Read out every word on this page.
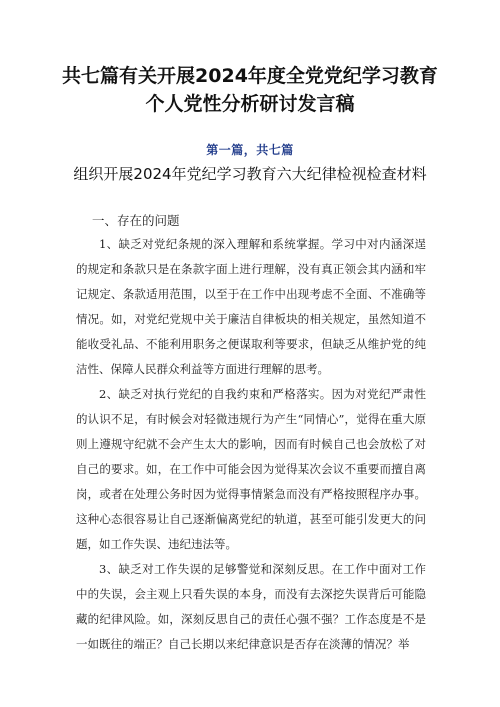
共七篇有关开展2024年度全党党纪学习教育个人党性分析研讨发言稿
第一篇，共七篇
组织开展2024年党纪学习教育六大纪律检视检查材料

一、存在的问题

1、缺乏对党纪条规的深入理解和系统掌握。学习中对内涵深逞的规定和条款只是在条款字面上进行理解，没有真正领会其内涵和牢记规定、条款适用范围，以至于在工作中出现考虑不全面、不准确等情况。如，对党纪党规中关于廉洁自律板块的相关规定，虽然知道不能收受礼品、不能利用职务之便谋取利等要求，但缺乏从维护党的纯洁性、保障人民群众利益等方面进行理解的思考。

2、缺乏对执行党纪的自我约束和严格落实。因为对党纪严肃性的认识不足，有时候会对轻微违规行为产生“同情心”，觉得在重大原则上遵规守纪就不会产生太大的影响，因而有时候自己也会放松了对自己的要求。如，在工作中可能会因为觉得某次会议不重要而擅自离岗，或者在处理公务时因为觉得事情紧急而没有严格按照程序办事。这种心态很容易让自己逐渐偏离党纪的轨道，甚至可能引发更大的问题，如工作失误、违纪违法等。

3、缺乏对工作失误的足够警觉和深刻反思。在工作中面对工作中的失误，会主观上只看失误的本身，而没有去深挖失误背后可能隐藏的纪律风险。如，深刻反思自己的责任心强不强？工作态度是不是一如既往的端正？自己长期以来纪律意识是否存在淡薄的情况？举
